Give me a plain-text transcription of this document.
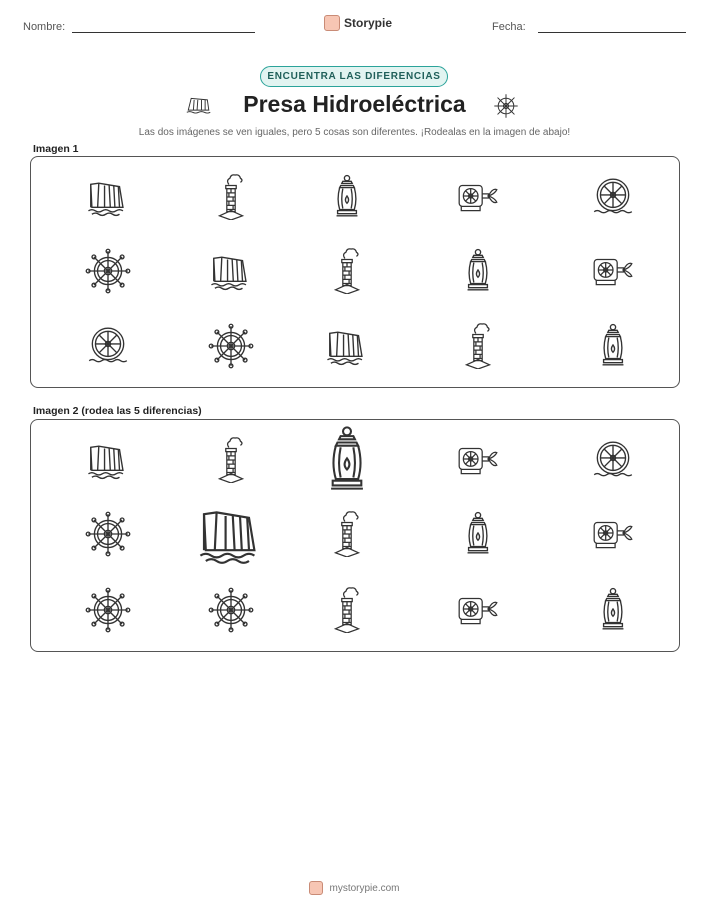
Nombre:	Storypie	Fecha:
ENCUENTRA LAS DIFERENCIAS
Presa Hidroeléctrica
Las dos imágenes se ven iguales, pero 5 cosas son diferentes. ¡Rodealas en la imagen de abajo!
Imagen 1
Imagen 2 (rodea las 5 diferencias)
mystorypie.com
